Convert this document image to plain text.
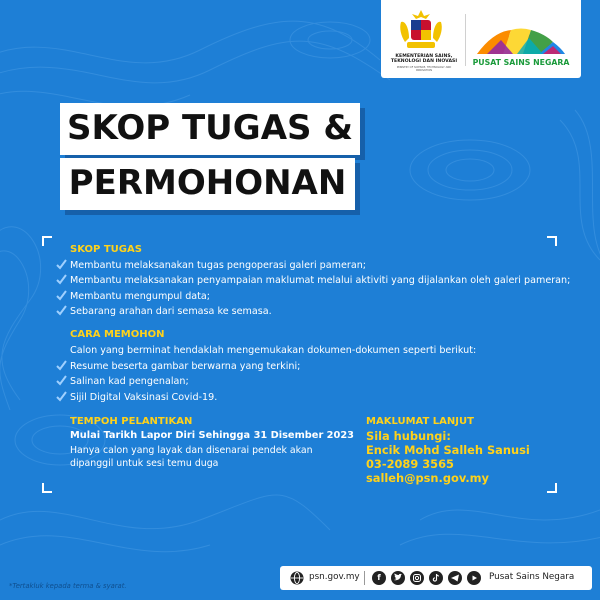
KEMENTERIAN SAINS, TEKNOLOGI DAN INOVASI
MINISTRY OF SCIENCE, TECHNOLOGY AND INNOVATION
PUSAT SAINS NEGARA
SKOP TUGAS &
PERMOHONAN
SKOP TUGAS
Membantu melaksanakan tugas pengoperasi galeri pameran;
Membantu melaksanakan penyampaian maklumat melalui aktiviti yang dijalankan oleh galeri pameran;
Membantu mengumpul data;
Sebarang arahan dari semasa ke semasa.
CARA MEMOHON
Calon yang berminat hendaklah mengemukakan dokumen-dokumen seperti berikut:
Resume beserta gambar berwarna yang terkini;
Salinan kad pengenalan;
Sijil Digital Vaksinasi Covid-19.
TEMPOH PELANTIKAN
Mulai Tarikh Lapor Diri Sehingga 31 Disember 2023
Hanya calon yang layak dan disenarai pendek akan dipanggil untuk sesi temu duga
MAKLUMAT LANJUT
Sila hubungi:
Encik Mohd Salleh Sanusi
03-2089 3565
salleh@psn.gov.my
*Tertakluk kepada terma & syarat.
psn.gov.my	f	Pusat Sains Negara
